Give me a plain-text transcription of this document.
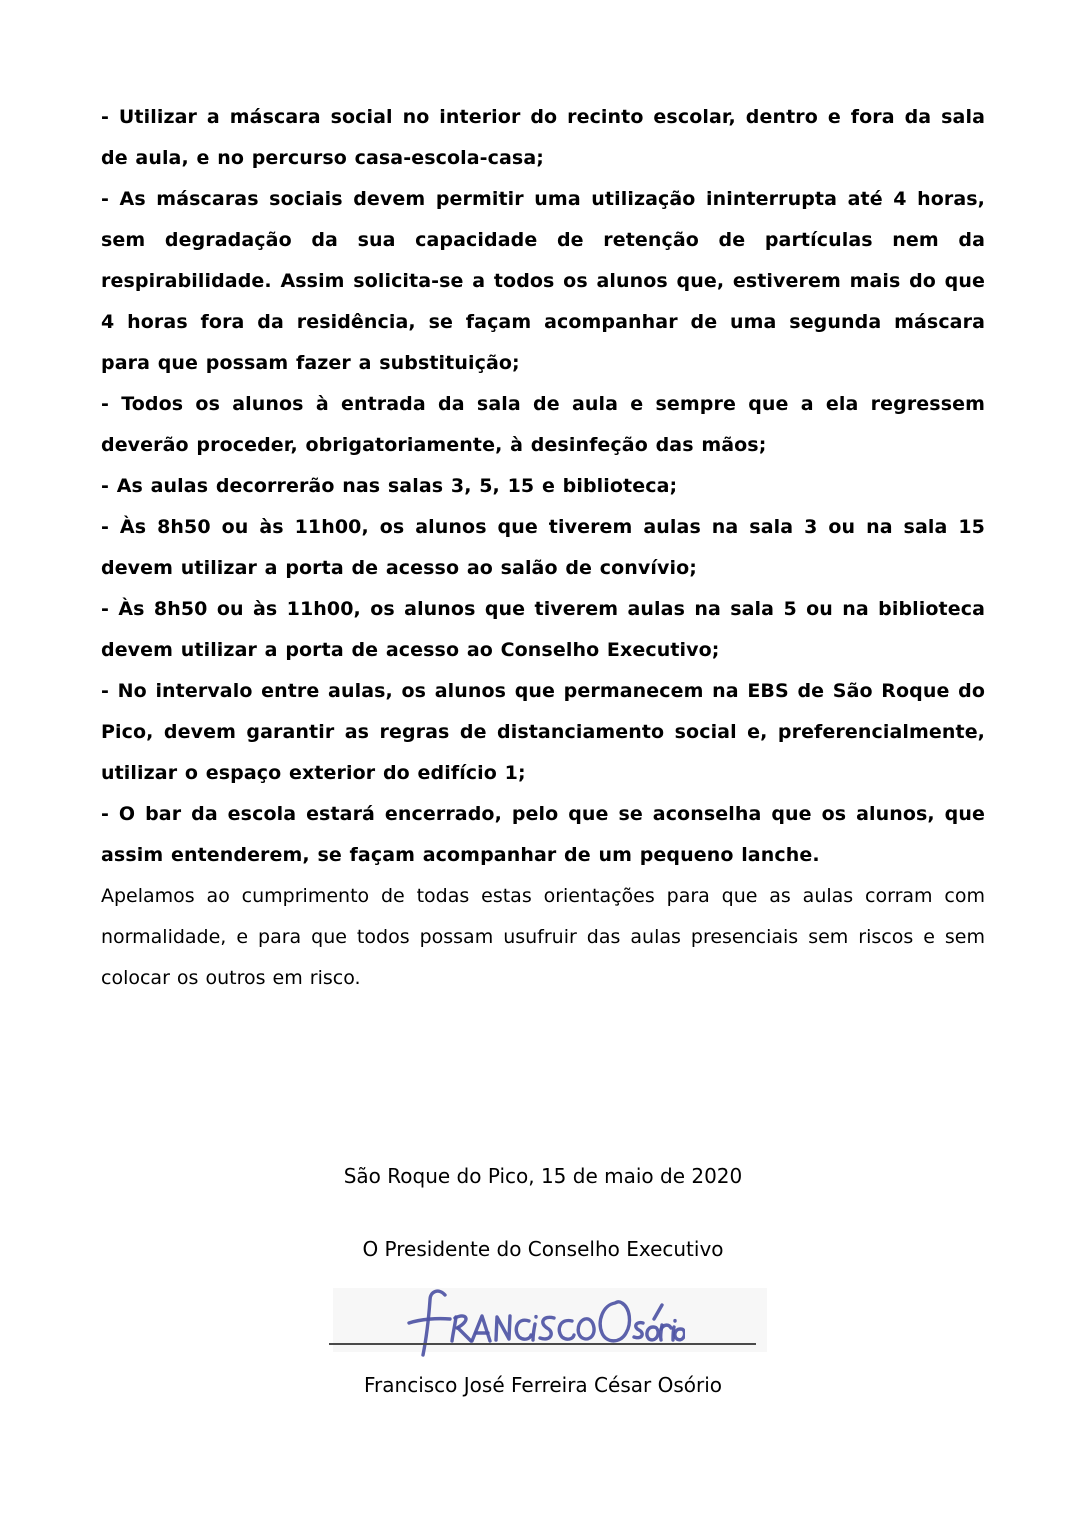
- Utilizar a máscara social no interior do recinto escolar, dentro e fora da sala
de aula, e no percurso casa-escola-casa;
- As máscaras sociais devem permitir uma utilização ininterrupta até 4 horas,
sem degradação da sua capacidade de retenção de partículas nem da
respirabilidade. Assim solicita-se a todos os alunos que, estiverem mais do que
4 horas fora da residência, se façam acompanhar de uma segunda máscara
para que possam fazer a substituição;
- Todos os alunos à entrada da sala de aula e sempre que a ela regressem
deverão proceder, obrigatoriamente, à desinfeção das mãos;
- As aulas decorrerão nas salas 3, 5, 15 e biblioteca;
- Às 8h50 ou às 11h00, os alunos que tiverem aulas na sala 3 ou na sala 15
devem utilizar a porta de acesso ao salão de convívio;
- Às 8h50 ou às 11h00, os alunos que tiverem aulas na sala 5 ou na biblioteca
devem utilizar a porta de acesso ao Conselho Executivo;
- No intervalo entre aulas, os alunos que permanecem na EBS de São Roque do
Pico, devem garantir as regras de distanciamento social e, preferencialmente,
utilizar o espaço exterior do edifício 1;
- O bar da escola estará encerrado, pelo que se aconselha que os alunos, que
assim entenderem, se façam acompanhar de um pequeno lanche.
Apelamos ao cumprimento de todas estas orientações para que as aulas corram com
normalidade, e para que todos possam usufruir das aulas presenciais sem riscos e sem
colocar os outros em risco.
São Roque do Pico, 15 de maio de 2020
O Presidente do Conselho Executivo
Francisco José Ferreira César Osório
